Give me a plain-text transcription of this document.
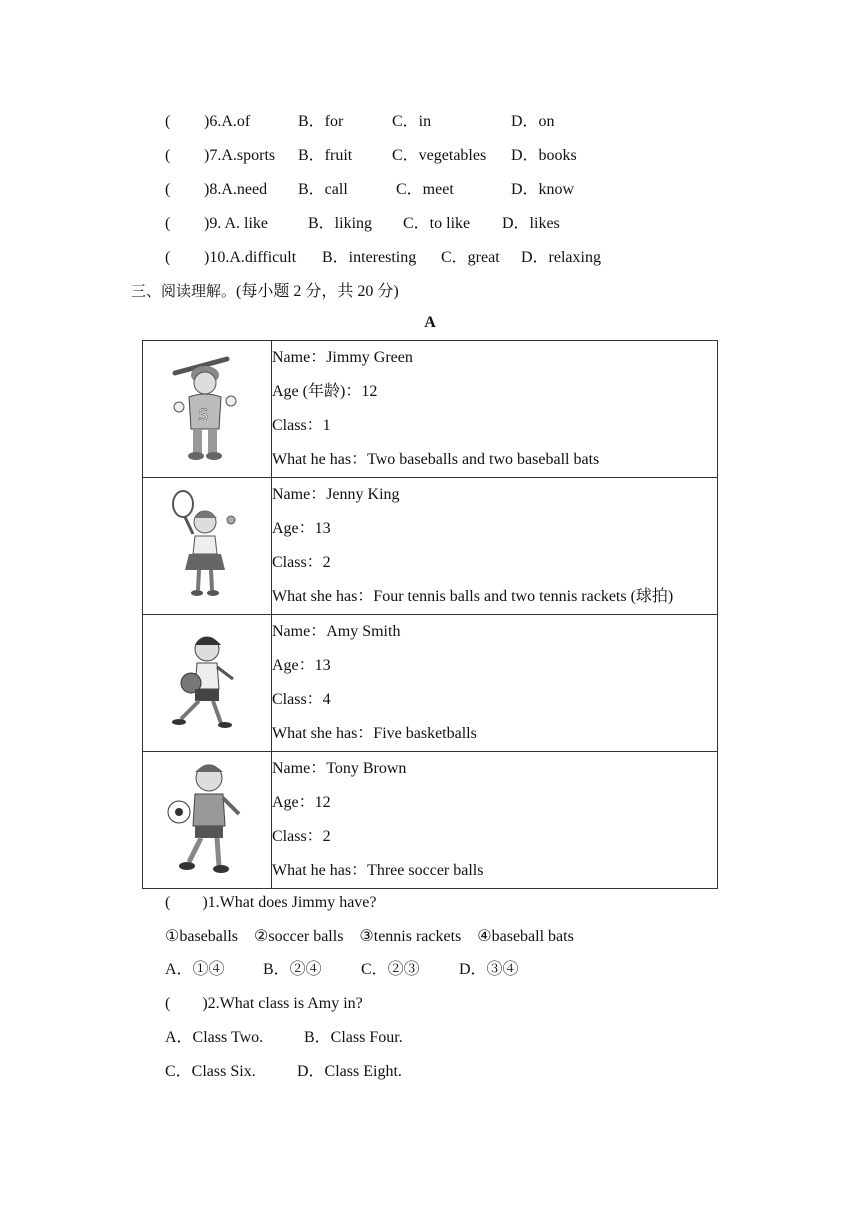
(

)6.A.of

	B．for

	C．in

	D．on

(

)7.A.sports

B．fruit

C．vegetables

D．books

(

)8.A.need

B．call

	C．meet

	D．know

(

)9. A. like

	B．liking

C．to like

D．likes

(

)10.A.difficult

B．interesting

C．great

D．relaxing

三、阅读理解。(每小题 2 分，共 20 分)
A
S	Name：Jimmy Green
Age (年龄)：12
Class：1
What he has：Two baseballs and two baseball bats

Name：Jenny King
Age：13
Class：2
What she has：Four tennis balls and two tennis rackets (球拍)

Name：Amy Smith
Age：13
Class：4
What she has：Five basketballs

Name：Tony Brown
Age：12
Class：2
What he has：Three soccer balls
(        )1.What does Jimmy have?
①baseballs    ②soccer balls    ③tennis rackets    ④baseball bats
A．①④ B．②④ C．②③ D．③④
(        )2.What class is Amy in?
A．Class Two.	B．Class Four.
C．Class Six.	D．Class Eight.
